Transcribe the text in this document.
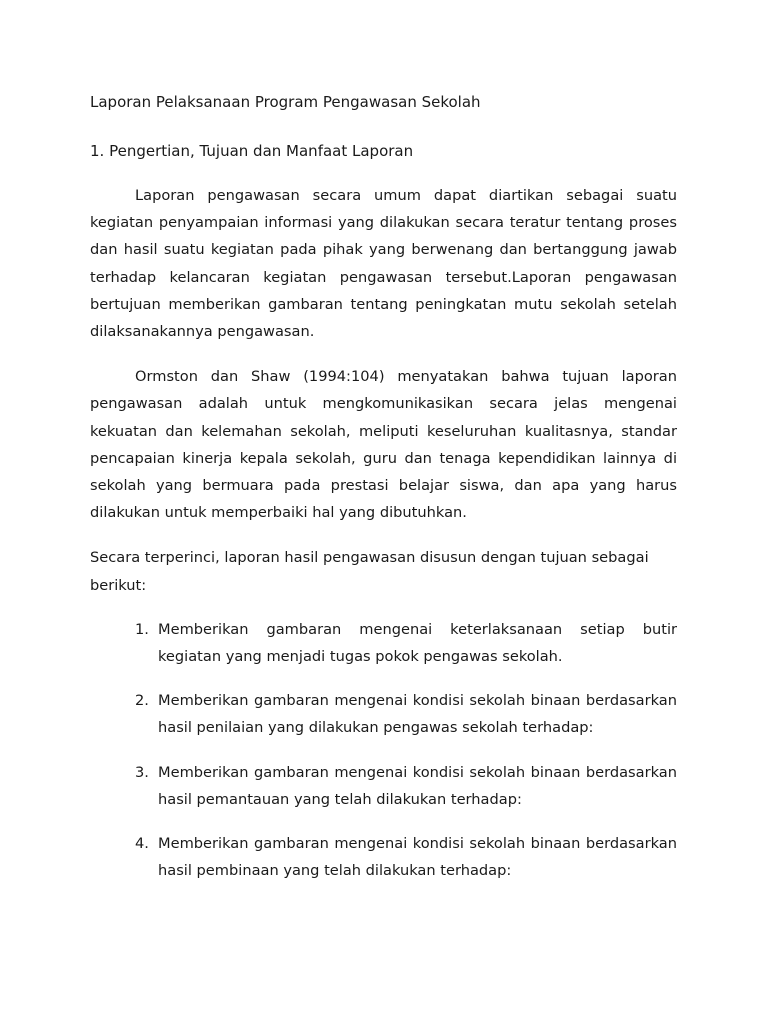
Laporan Pelaksanaan Program Pengawasan Sekolah
1. Pengertian, Tujuan dan Manfaat Laporan

Laporan pengawasan secara umum dapat diartikan sebagai suatu kegiatan penyampaian informasi yang dilakukan secara teratur tentang proses dan hasil suatu kegiatan pada pihak yang berwenang dan bertanggung jawab terhadap kelancaran kegiatan pengawasan tersebut.Laporan pengawasan bertujuan memberikan gambaran tentang peningkatan mutu sekolah setelah dilaksanakannya pengawasan.

Ormston dan Shaw (1994:104) menyatakan bahwa tujuan laporan pengawasan adalah untuk mengkomunikasikan secara jelas mengenai kekuatan dan kelemahan sekolah, meliputi keseluruhan kualitasnya, standar pencapaian kinerja kepala sekolah, guru dan tenaga kependidikan lainnya di sekolah yang bermuara pada prestasi belajar siswa, dan apa yang harus dilakukan untuk memperbaiki hal yang dibutuhkan.

Secara terperinci, laporan hasil pengawasan disusun dengan tujuan sebagai berikut:

1. Memberikan gambaran mengenai keterlaksanaan setiap butir kegiatan yang menjadi tugas pokok pengawas sekolah.
2. Memberikan gambaran mengenai kondisi sekolah binaan berdasarkan hasil penilaian yang dilakukan pengawas sekolah terhadap:
3. Memberikan gambaran mengenai kondisi sekolah binaan berdasarkan hasil pemantauan yang telah dilakukan terhadap:
4. Memberikan gambaran mengenai kondisi sekolah binaan berdasarkan hasil pembinaan yang telah dilakukan terhadap:
